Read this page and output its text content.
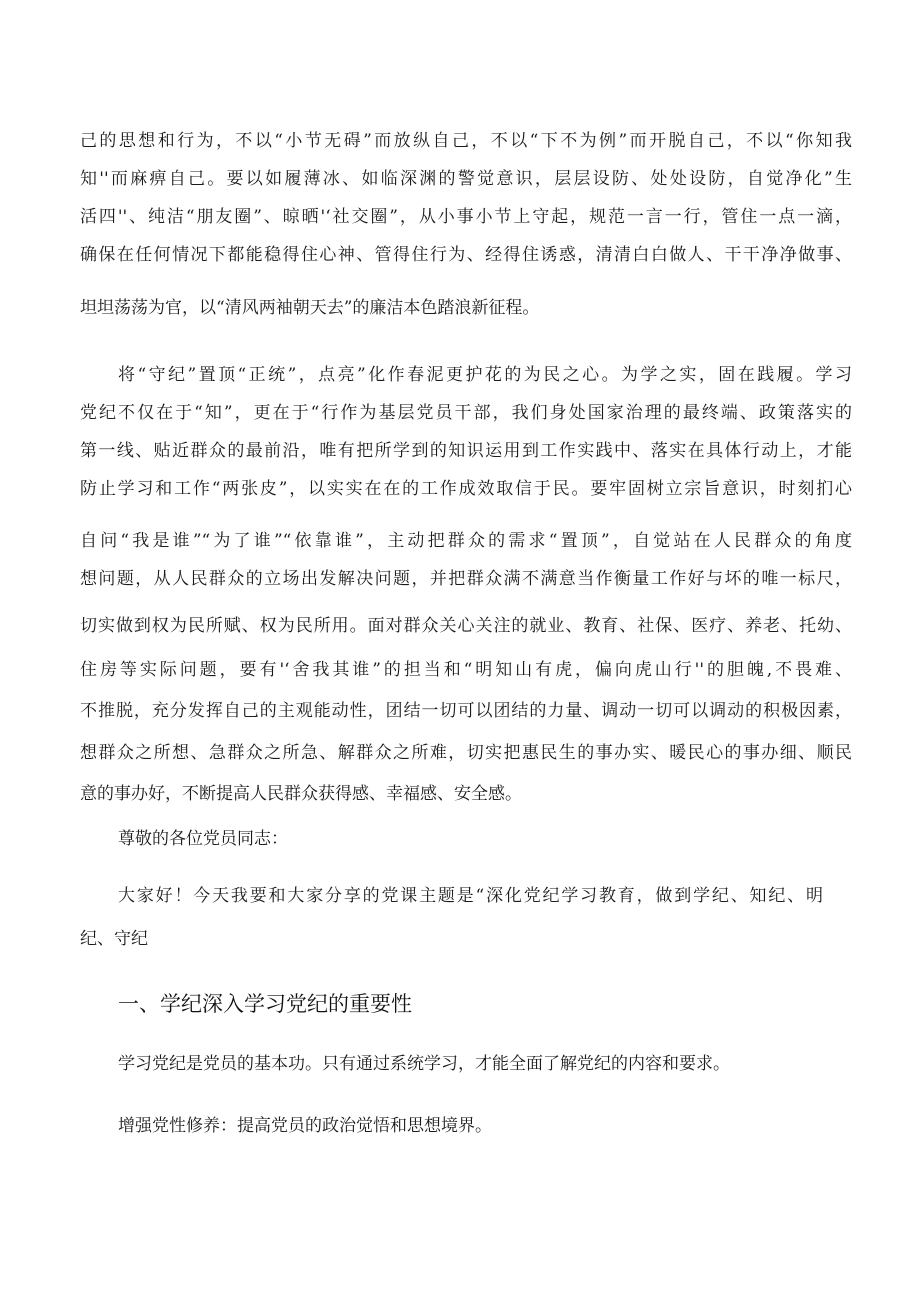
己的思想和行为，不以“小节无碍”而放纵自己，不以“下不为例”而开脱自己，不以“你知我
知''而麻痹自己。要以如履薄冰、如临深渊的警觉意识，层层设防、处处设防，自觉净化”生
活四''、纯洁“朋友圈”、晾晒'‘社交圈”，从小事小节上守起，规范一言一行，管住一点一滴，
确保在任何情况下都能稳得住心神、管得住行为、经得住诱惑，清清白白做人、干干净净做事、
坦坦荡荡为官，以“清风两袖朝天去”的廉洁本色踏浪新征程。
将“守纪”置顶“正统”，点亮”化作春泥更护花的为民之心。为学之实，固在践履。学习
党纪不仅在于“知”，更在于“行作为基层党员干部，我们身处国家治理的最终端、政策落实的
第一线、贴近群众的最前沿，唯有把所学到的知识运用到工作实践中、落实在具体行动上，才能
防止学习和工作“两张皮”，以实实在在的工作成效取信于民。要牢固树立宗旨意识，时刻扪心
自问“我是谁”“为了谁”“依靠谁”，主动把群众的需求“置顶”，自觉站在人民群众的角度
想问题，从人民群众的立场出发解决问题，并把群众满不满意当作衡量工作好与坏的唯一标尺，
切实做到权为民所赋、权为民所用。面对群众关心关注的就业、教育、社保、医疗、养老、托幼、
住房等实际问题，要有'‘舍我其谁”的担当和“明知山有虎，偏向虎山行''的胆魄,不畏难、
不推脱，充分发挥自己的主观能动性，团结一切可以团结的力量、调动一切可以调动的积极因素，
想群众之所想、急群众之所急、解群众之所难，切实把惠民生的事办实、暖民心的事办细、顺民
意的事办好，不断提高人民群众获得感、幸福感、安全感。
尊敬的各位党员同志：
大家好！今天我要和大家分享的党课主题是“深化党纪学习教育，做到学纪、知纪、明
纪、守纪
一、学纪深入学习党纪的重要性
学习党纪是党员的基本功。只有通过系统学习，才能全面了解党纪的内容和要求。
增强党性修养：提高党员的政治觉悟和思想境界。
